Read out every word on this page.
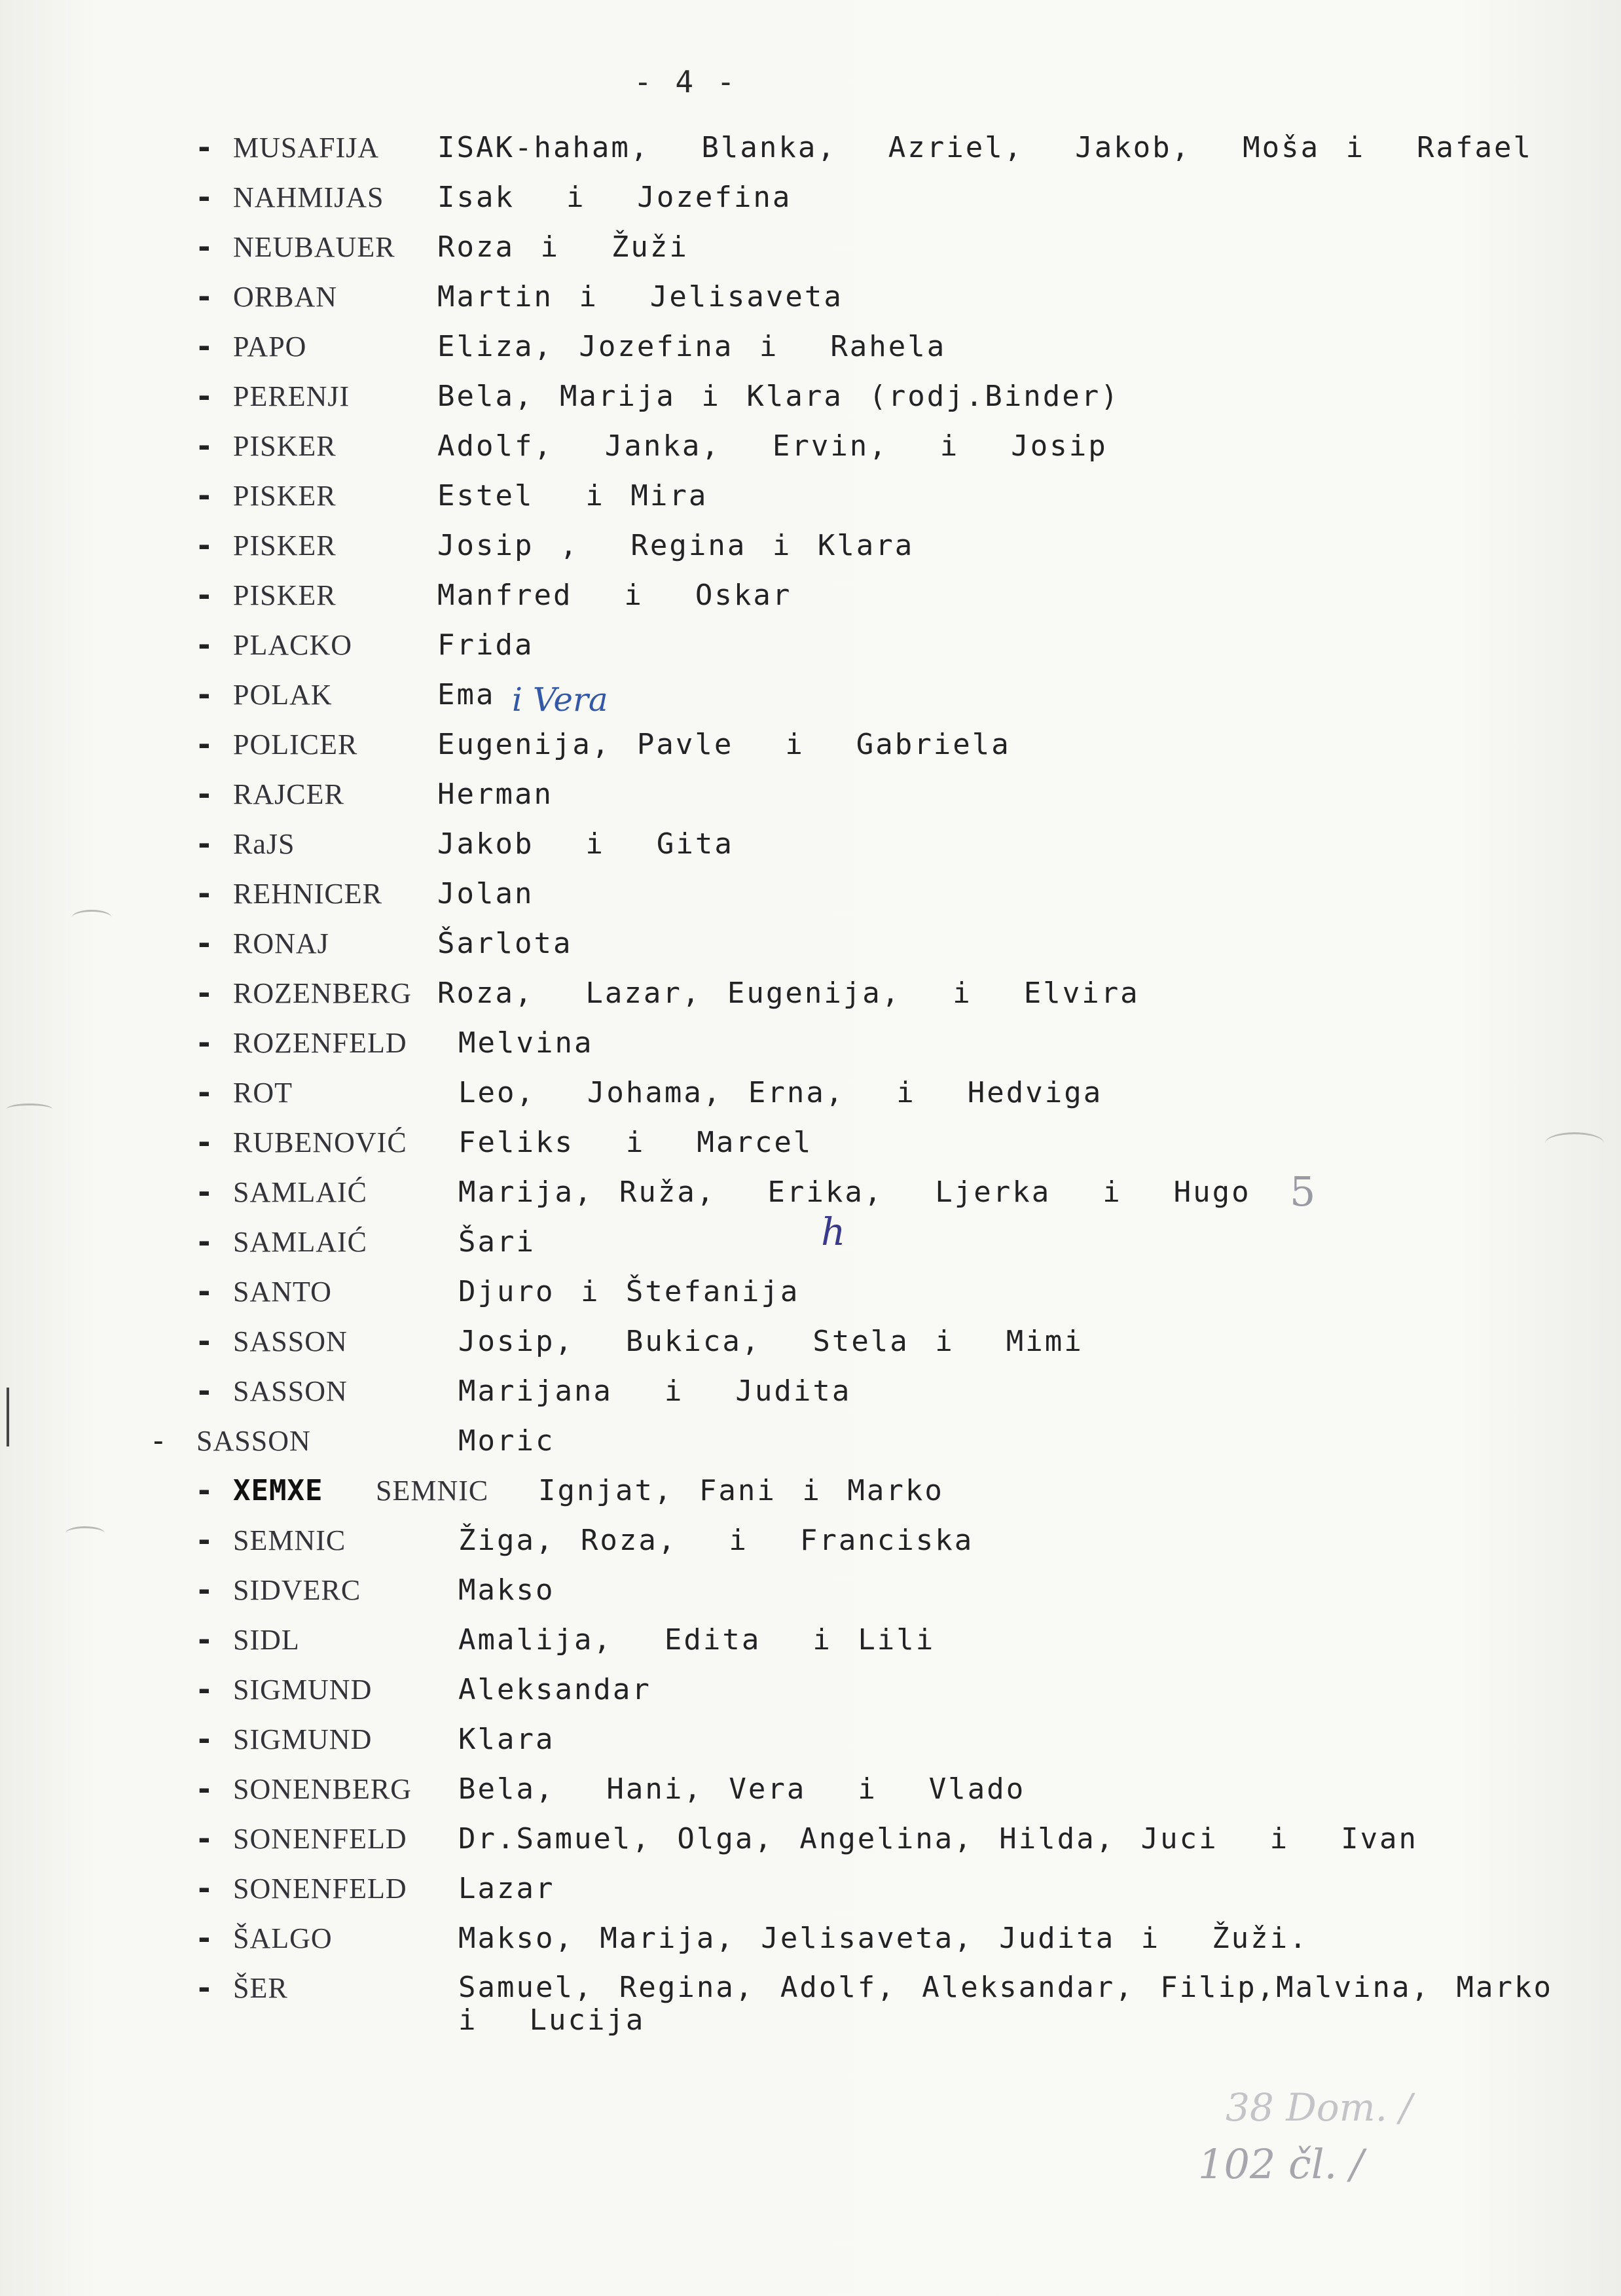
- 4 -
- MUSAFIJA ISAK-haham,  Blanka,  Azriel,  Jakob,  Moša i  Rafael
- NAHMIJAS Isak  i  Jozefina
- NEUBAUER Roza i  Žuži
- ORBAN	Martin i  Jelisaveta
- PAPO	Eliza, Jozefina i  Rahela
- PERENJI	Bela, Marija i Klara (rodj.Binder)
- PISKER	Adolf,  Janka,  Ervin,  i  Josip
- PISKER	Estel  i Mira
- PISKER	Josip ,  Regina i Klara
- PISKER	Manfred  i  Oskar
- PLACKO	Frida
- POLAK	Ema
- POLICER	Eugenija, Pavle  i  Gabriela
- RAJCER	Herman
- RaJS	Jakob  i  Gita
- REHNICER Jolan
- RONAJ	Šarlota
- ROZENBERG Roza,  Lazar, Eugenija,  i  Elvira
- ROZENFELD Melvina
- ROT	Leo,  Johama, Erna,  i  Hedviga
- RUBENOVIĆ Feliks  i  Marcel
- SAMLAIĆ	Marija, Ruža,  Erika,  Ljerka  i  Hugo
- SAMLAIĆ	Šari
- SANTO	Djuro i Štefanija
- SASSON	Josip,  Bukica,  Stela i  Mimi
- SASSON	Marijana  i  Judita
- SASSON	Moric
- XEMXE SEMNIC Ignjat, Fani i Marko
- SEMNIC	Žiga, Roza,  i  Franciska
- SIDVERC	Makso
- SIDL	Amalija,  Edita  i Lili
- SIGMUND	Aleksandar
- SIGMUND	Klara
- SONENBERG Bela,  Hani, Vera  i  Vlado
- SONENFELD Dr.Samuel, Olga, Angelina, Hilda, Juci  i  Ivan
- SONENFELD Lazar
- ŠALGO	Makso, Marija, Jelisaveta, Judita i  Žuži.
- ŠER	Samuel, Regina, Adolf, Aleksandar, Filip,Malvina, Marko
i  Lucija
i Vera
h
5
38 Dom. /
102 čl. /
